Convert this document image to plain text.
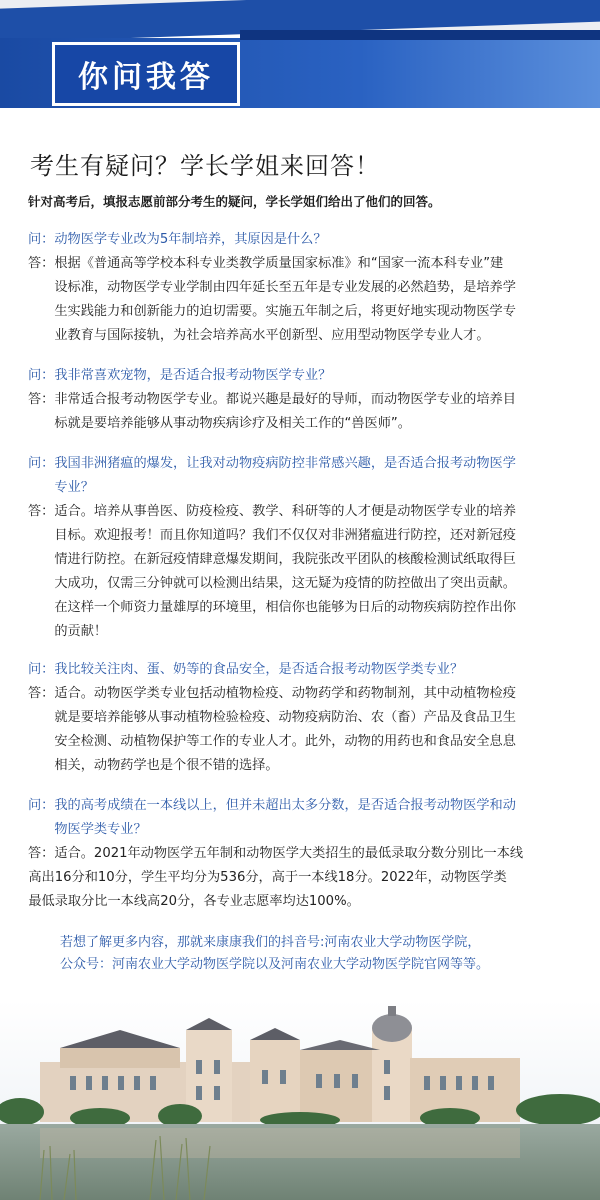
你问我答
考生有疑问？学长学姐来回答！
针对高考后，填报志愿前部分考生的疑问，学长学姐们给出了他们的回答。
问： 动物医学专业改为5年制培养，其原因是什么？
答： 根据《普通高等学校本科专业类教学质量国家标准》和“国家一流本科专业”建
设标准，动物医学专业学制由四年延长至五年是专业发展的必然趋势，是培养学
生实践能力和创新能力的迫切需要。实施五年制之后，将更好地实现动物医学专
业教育与国际接轨，为社会培养高水平创新型、应用型动物医学专业人才。
问： 我非常喜欢宠物，是否适合报考动物医学专业？
答： 非常适合报考动物医学专业。都说兴趣是最好的导师，而动物医学专业的培养目
标就是要培养能够从事动物疾病诊疗及相关工作的“兽医师”。
问： 我国非洲猪瘟的爆发，让我对动物疫病防控非常感兴趣，是否适合报考动物医学
专业？
答： 适合。培养从事兽医、防疫检疫、教学、科研等的人才便是动物医学专业的培养
目标。欢迎报考！而且你知道吗？我们不仅仅对非洲猪瘟进行防控，还对新冠疫
情进行防控。在新冠疫情肆意爆发期间，我院张改平团队的核酸检测试纸取得巨
大成功，仅需三分钟就可以检测出结果，这无疑为疫情的防控做出了突出贡献。
在这样一个师资力量雄厚的环境里，相信你也能够为日后的动物疾病防控作出你
的贡献！
问： 我比较关注肉、蛋、奶等的食品安全，是否适合报考动物医学类专业？
答： 适合。动物医学类专业包括动植物检疫、动物药学和药物制剂，其中动植物检疫
就是要培养能够从事动植物检验检疫、动物疫病防治、农（畜）产品及食品卫生
安全检测、动植物保护等工作的专业人才。此外，动物的用药也和食品安全息息
相关，动物药学也是个很不错的选择。
问： 我的高考成绩在一本线以上，但并未超出太多分数，是否适合报考动物医学和动
物医学类专业？
答： 适合。2021年动物医学五年制和动物医学大类招生的最低录取分数分别比一本线
高出16分和10分，学生平均分为536分，高于一本线18分。2022年，动物医学类
最低录取分比一本线高20分，各专业志愿率均达100%。
若想了解更多内容，那就来康康我们的抖音号:河南农业大学动物医学院，
公众号：河南农业大学动物医学院以及河南农业大学动物医学院官网等等。
